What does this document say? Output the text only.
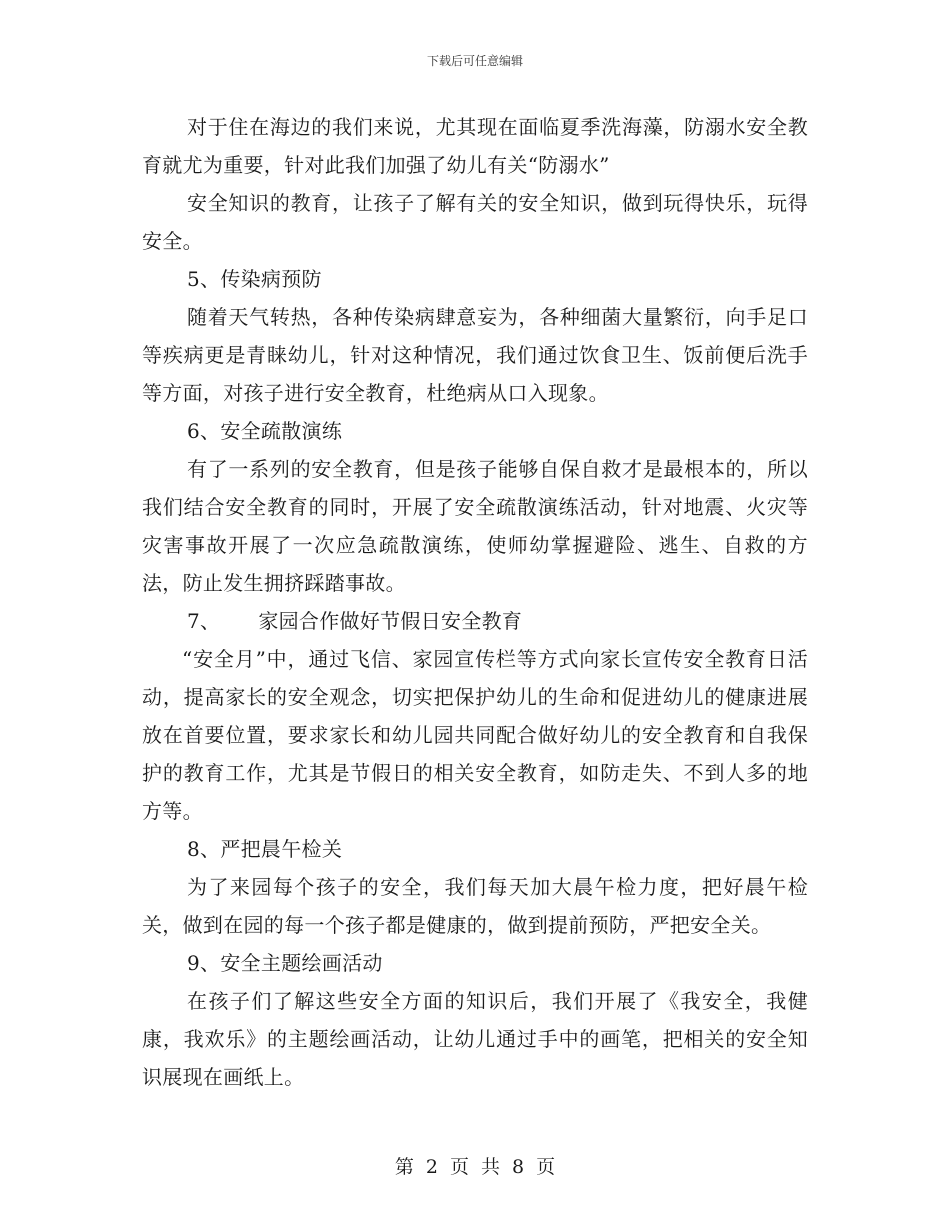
下载后可任意编辑

对于住在海边的我们来说，尤其现在面临夏季洗海藻，防溺水安全教育就尤为重要，针对此我们加强了幼儿有关“防溺水”

安全知识的教育，让孩子了解有关的安全知识，做到玩得快乐，玩得安全。

5、传染病预防

随着天气转热，各种传染病肆意妄为，各种细菌大量繁衍，向手足口等疾病更是青睐幼儿，针对这种情况，我们通过饮食卫生、饭前便后洗手等方面，对孩子进行安全教育，杜绝病从口入现象。

6、安全疏散演练

有了一系列的安全教育，但是孩子能够自保自救才是最根本的，所以我们结合安全教育的同时，开展了安全疏散演练活动，针对地震、火灾等灾害事故开展了一次应急疏散演练，使师幼掌握避险、逃生、自救的方法，防止发生拥挤踩踏事故。

7、 家园合作做好节假日安全教育

“安全月”中，通过飞信、家园宣传栏等方式向家长宣传安全教育日活动，提高家长的安全观念，切实把保护幼儿的生命和促进幼儿的健康进展放在首要位置，要求家长和幼儿园共同配合做好幼儿的安全教育和自我保护的教育工作，尤其是节假日的相关安全教育，如防走失、不到人多的地方等。

8、严把晨午检关

为了来园每个孩子的安全，我们每天加大晨午检力度，把好晨午检关，做到在园的每一个孩子都是健康的，做到提前预防，严把安全关。

9、安全主题绘画活动

在孩子们了解这些安全方面的知识后，我们开展了《我安全，我健康，我欢乐》的主题绘画活动，让幼儿通过手中的画笔，把相关的安全知识展现在画纸上。

第 2 页 共 8 页
